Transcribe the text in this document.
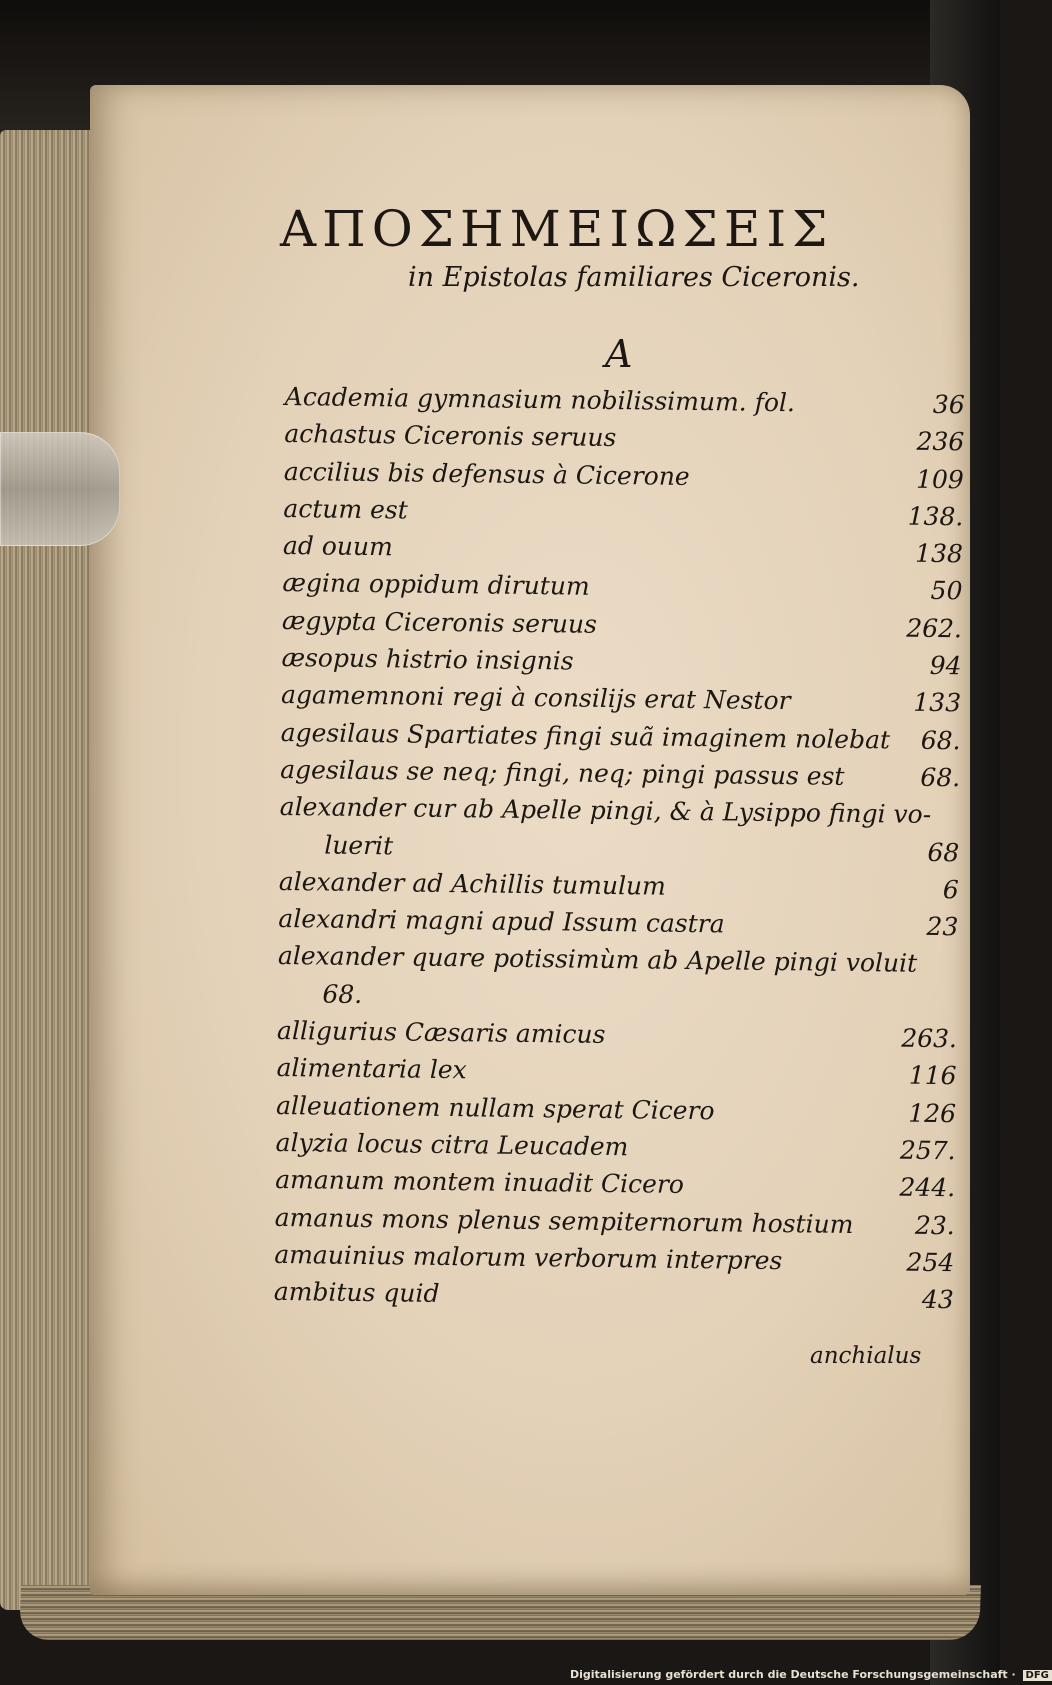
ΑΠΟΣΗΜΕΙΩΣΕΙΣ
in Epistolas familiares Ciceronis.
A
Academia gymnasium nobilissimum. fol.	36
achastus Ciceronis seruus	236
accilius bis defensus à Cicerone	109
actum est	138.
ad ouum	138
ægina oppidum dirutum	50
ægypta Ciceronis seruus	262.
æsopus histrio insignis	94
agamemnoni regi à consilijs erat Nestor	133
agesilaus Spartiates fingi suã imaginem nolebat 68.
agesilaus se neq; fingi, neq; pingi passus est	68.
alexander cur ab Apelle pingi, & à Lysippo fingi vo-
luerit	68
alexander ad Achillis tumulum	6
alexandri magni apud Issum castra	23
alexander quare potissimùm ab Apelle pingi voluit
68.
alligurius Cæsaris amicus	263.
alimentaria lex	116
alleuationem nullam sperat Cicero	126
alyzia locus citra Leucadem	257.
amanum montem inuadit Cicero	244.
amanus mons plenus sempiternorum hostium 23.
amauinius malorum verborum interpres	254
ambitus quid	43
anchialus
Digitalisierung gefördert durch die Deutsche Forschungsgemeinschaft · DFG
